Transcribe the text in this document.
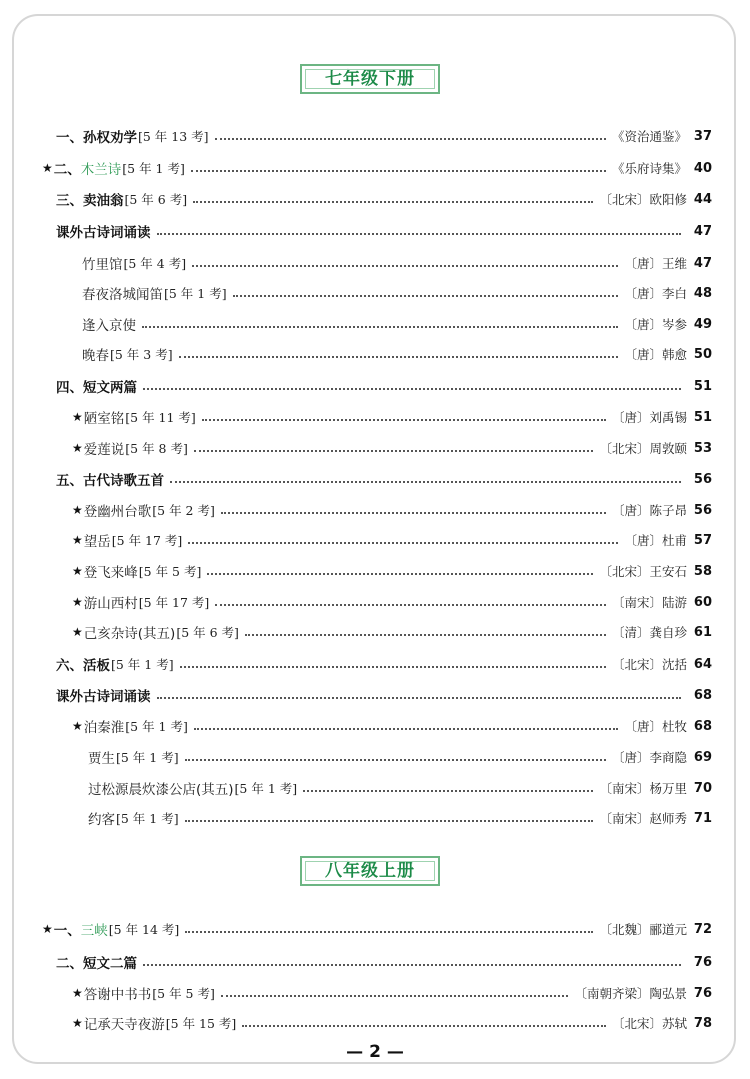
七年级下册
一、 孙权劝学 [5 年 13 考]	《资治通鉴》 37
★ 二、 木兰诗 [5 年 1 考]	《乐府诗集》 40
三、 卖油翁 [5 年 6 考]	〔北宋〕欧阳修 44
课外古诗词诵读	47
竹里馆 [5 年 4 考]	〔唐〕王维 47
春夜洛城闻笛 [5 年 1 考]	〔唐〕李白 48
逢入京使	〔唐〕岑参 49
晚春 [5 年 3 考]	〔唐〕韩愈 50
四、 短文两篇	51
★ 陋室铭 [5 年 11 考]	〔唐〕刘禹锡 51
★ 爱莲说 [5 年 8 考]	〔北宋〕周敦颐 53
五、 古代诗歌五首	56
★ 登幽州台歌 [5 年 2 考]	〔唐〕陈子昂 56
★ 望岳 [5 年 17 考]	〔唐〕杜甫 57
★ 登飞来峰 [5 年 5 考]	〔北宋〕王安石 58
★ 游山西村 [5 年 17 考]	〔南宋〕陆游 60
★ 己亥杂诗(其五) [5 年 6 考]	〔清〕龚自珍 61
六、 活板 [5 年 1 考]	〔北宋〕沈括 64
课外古诗词诵读	68
★ 泊秦淮 [5 年 1 考]	〔唐〕杜牧 68
贾生 [5 年 1 考]	〔唐〕李商隐 69
过松源晨炊漆公店(其五) [5 年 1 考]	〔南宋〕杨万里 70
约客 [5 年 1 考]	〔南宋〕赵师秀 71
八年级上册
★ 一、 三峡 [5 年 14 考]	〔北魏〕郦道元 72
二、 短文二篇	76
★ 答谢中书书 [5 年 5 考]	〔南朝齐梁〕陶弘景 76
★ 记承天寺夜游 [5 年 15 考]	〔北宋〕苏轼 78
— 2 —
